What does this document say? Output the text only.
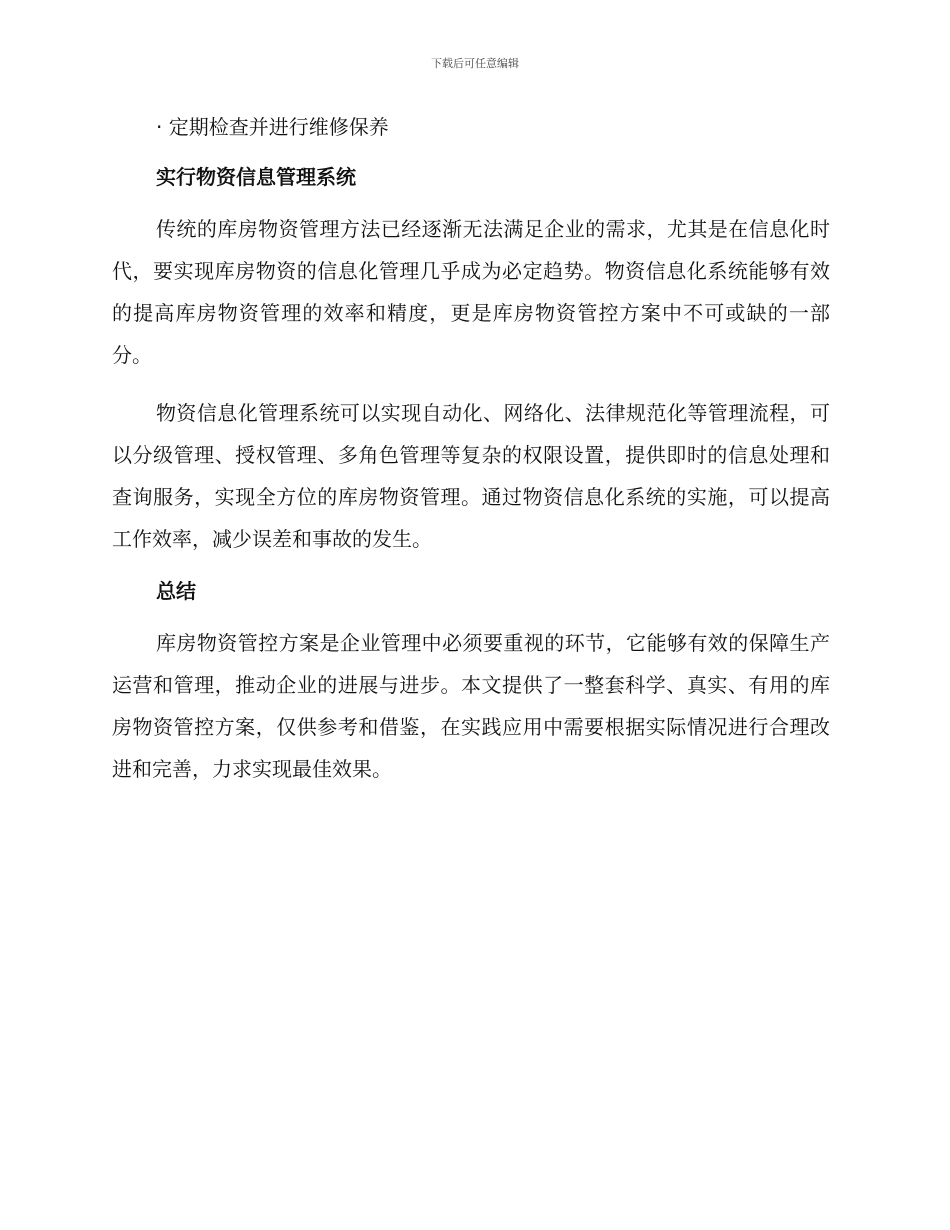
下载后可任意编辑
· 定期检查并进行维修保养
实行物资信息管理系统

传统的库房物资管理方法已经逐渐无法满足企业的需求，尤其是在信息化时代，要实现库房物资的信息化管理几乎成为必定趋势。物资信息化系统能够有效的提高库房物资管理的效率和精度，更是库房物资管控方案中不可或缺的一部分。

物资信息化管理系统可以实现自动化、网络化、法律规范化等管理流程，可以分级管理、授权管理、多角色管理等复杂的权限设置，提供即时的信息处理和查询服务，实现全方位的库房物资管理。通过物资信息化系统的实施，可以提高工作效率，减少误差和事故的发生。

总结

库房物资管控方案是企业管理中必须要重视的环节，它能够有效的保障生产运营和管理，推动企业的进展与进步。本文提供了一整套科学、真实、有用的库房物资管控方案，仅供参考和借鉴，在实践应用中需要根据实际情况进行合理改进和完善，力求实现最佳效果。
